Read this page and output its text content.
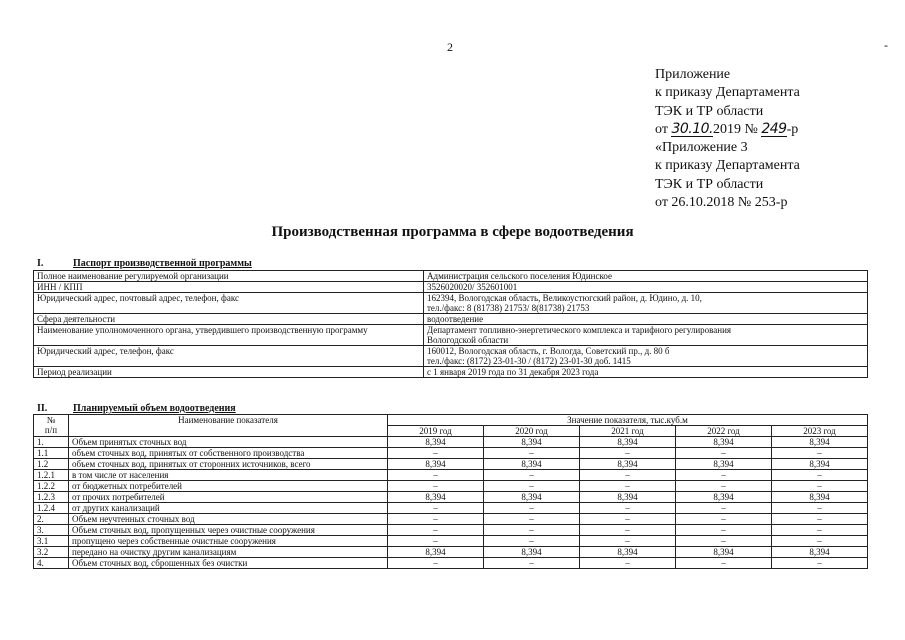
2	-
Приложение
к приказу Департамента
ТЭК и ТР области
от 30.10.2019 № 249-р
«Приложение 3
к приказу Департамента
ТЭК и ТР области
от 26.10.2018 № 253-р
Производственная программа в сфере водоотведения
I.	Паспорт производственной программы
Полное наименование регулируемой организации	Администрация сельского поселения Юдинское

ИНН / КПП	3526020020/ 352601001

Юридический адрес, почтовый адрес, телефон, факс	162394, Вологодская область, Великоустюгский район, д. Юдино, д. 10,
тел./факс: 8 (81738) 21753/ 8(81738) 21753

Сфера деятельности	водоотведение

Наименование уполномоченного органа, утвердившего производственную программу	Департамент топливно-энергетического комплекса и тарифного регулирования
Вологодской области

Юридический адрес, телефон, факс	160012, Вологодская область, г. Вологда, Советский пр., д. 80 б
тел./факс: (8172) 23-01-30 / (8172) 23-01-30 доб. 1415

Период реализации	с 1 января 2019 года по 31 декабря 2023 года
II.	Планируемый объем водоотведения
№
п/п	Наименование показателя	Значение показателя, тыс.куб.м				
		2019 год	2020 год	2021 год	2022 год	2023 год
1.	Объем принятых сточных вод	8,394	8,394	8,394	8,394	8,394
1.1	объем сточных вод, принятых от собственного производства	–	–	–	–	–
1.2	объем сточных вод, принятых от сторонних источников, всего	8,394	8,394	8,394	8,394	8,394
1.2.1	в том числе от населения	–	–	–	–	–
1.2.2	от бюджетных потребителей	–	–	–	–	–
1.2.3	от прочих потребителей	8,394	8,394	8,394	8,394	8,394
1.2.4	от других канализаций	–	–	–	–	–
2.	Объем неучтенных сточных вод	–	–	–	–	–
3.	Объем сточных вод, пропущенных через очистные сооружения	–	–	–	–	–
3.1	пропущено через собственные очистные сооружения	–	–	–	–	–
3.2	передано на очистку другим канализациям	8,394	8,394	8,394	8,394	8,394
4.	Объем сточных вод, сброшенных без очистки	–	–	–	–	–
